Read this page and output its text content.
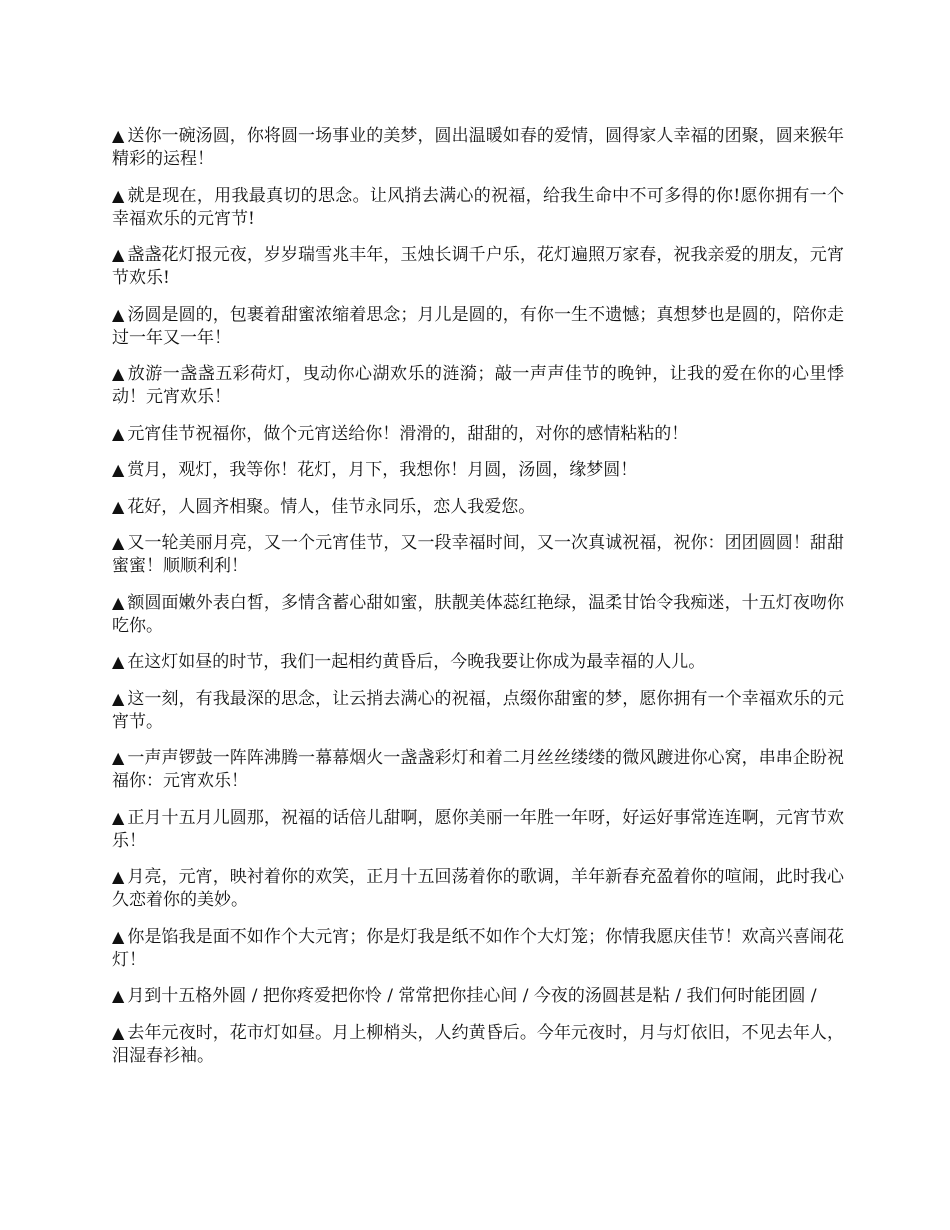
▲ 送你一碗汤圆，你将圆一场事业的美梦，圆出温暖如春的爱情，圆得家人幸福的团聚，圆来猴年精彩的运程！

▲ 就是现在，用我最真切的思念。让风捎去满心的祝福，给我生命中不可多得的你!愿你拥有一个幸福欢乐的元宵节!

▲ 盏盏花灯报元夜，岁岁瑞雪兆丰年，玉烛长调千户乐，花灯遍照万家春，祝我亲爱的朋友，元宵节欢乐!

▲ 汤圆是圆的，包裹着甜蜜浓缩着思念；月儿是圆的，有你一生不遗憾；真想梦也是圆的，陪你走过一年又一年！

▲ 放游一盏盏五彩荷灯，曳动你心湖欢乐的涟漪；敲一声声佳节的晚钟，让我的爱在你的心里悸动！元宵欢乐！

▲ 元宵佳节祝福你，做个元宵送给你！滑滑的，甜甜的，对你的感情粘粘的！

▲ 赏月，观灯，我等你！花灯，月下，我想你！月圆，汤圆，缘梦圆！

▲ 花好，人圆齐相聚。情人，佳节永同乐，恋人我爱您。

▲ 又一轮美丽月亮，又一个元宵佳节，又一段幸福时间，又一次真诚祝福，祝你：团团圆圆！甜甜蜜蜜！顺顺利利！

▲ 额圆面嫩外表白皙，多情含蓄心甜如蜜，肤靓美体蕊红艳绿，温柔甘饴令我痴迷，十五灯夜吻你吃你。

▲ 在这灯如昼的时节，我们一起相约黄昏后，今晚我要让你成为最幸福的人儿。

▲ 这一刻，有我最深的思念，让云捎去满心的祝福，点缀你甜蜜的梦，愿你拥有一个幸福欢乐的元宵节。

▲ 一声声锣鼓一阵阵沸腾一幕幕烟火一盏盏彩灯和着二月丝丝缕缕的微风踱进你心窝，串串企盼祝福你：元宵欢乐！

▲ 正月十五月儿圆那，祝福的话倍儿甜啊，愿你美丽一年胜一年呀，好运好事常连连啊，元宵节欢乐！

▲ 月亮，元宵，映衬着你的欢笑，正月十五回荡着你的歌调，羊年新春充盈着你的喧闹，此时我心久恋着你的美妙。

▲ 你是馅我是面不如作个大元宵；你是灯我是纸不如作个大灯笼；你情我愿庆佳节！欢高兴喜闹花灯！

▲ 月到十五格外圆 / 把你疼爱把你怜 / 常常把你挂心间 / 今夜的汤圆甚是粘 / 我们何时能团圆 /

▲ 去年元夜时，花市灯如昼。月上柳梢头，人约黄昏后。今年元夜时，月与灯依旧，不见去年人，泪湿春衫袖。
